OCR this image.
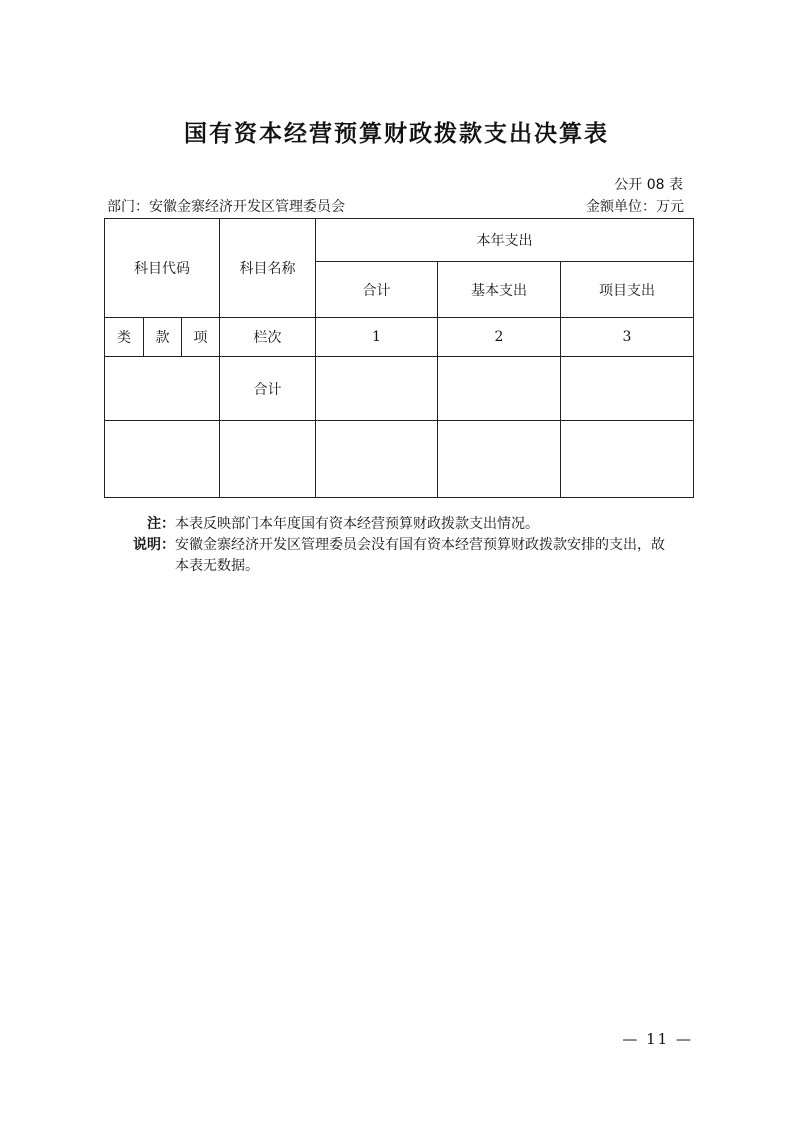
国有资本经营预算财政拨款支出决算表
公开 08 表
部门：安徽金寨经济开发区管理委员会	金额单位：万元
科目代码			科目名称	本年支出		
				合计	基本支出	项目支出
类	款	项	栏次	1	2	3
			合计			

注： 本表反映部门本年度国有资本经营预算财政拨款支出情况。
说明： 安徽金寨经济开发区管理委员会没有国有资本经营预算财政拨款安排的支出，故本表无数据。
— 11 —
